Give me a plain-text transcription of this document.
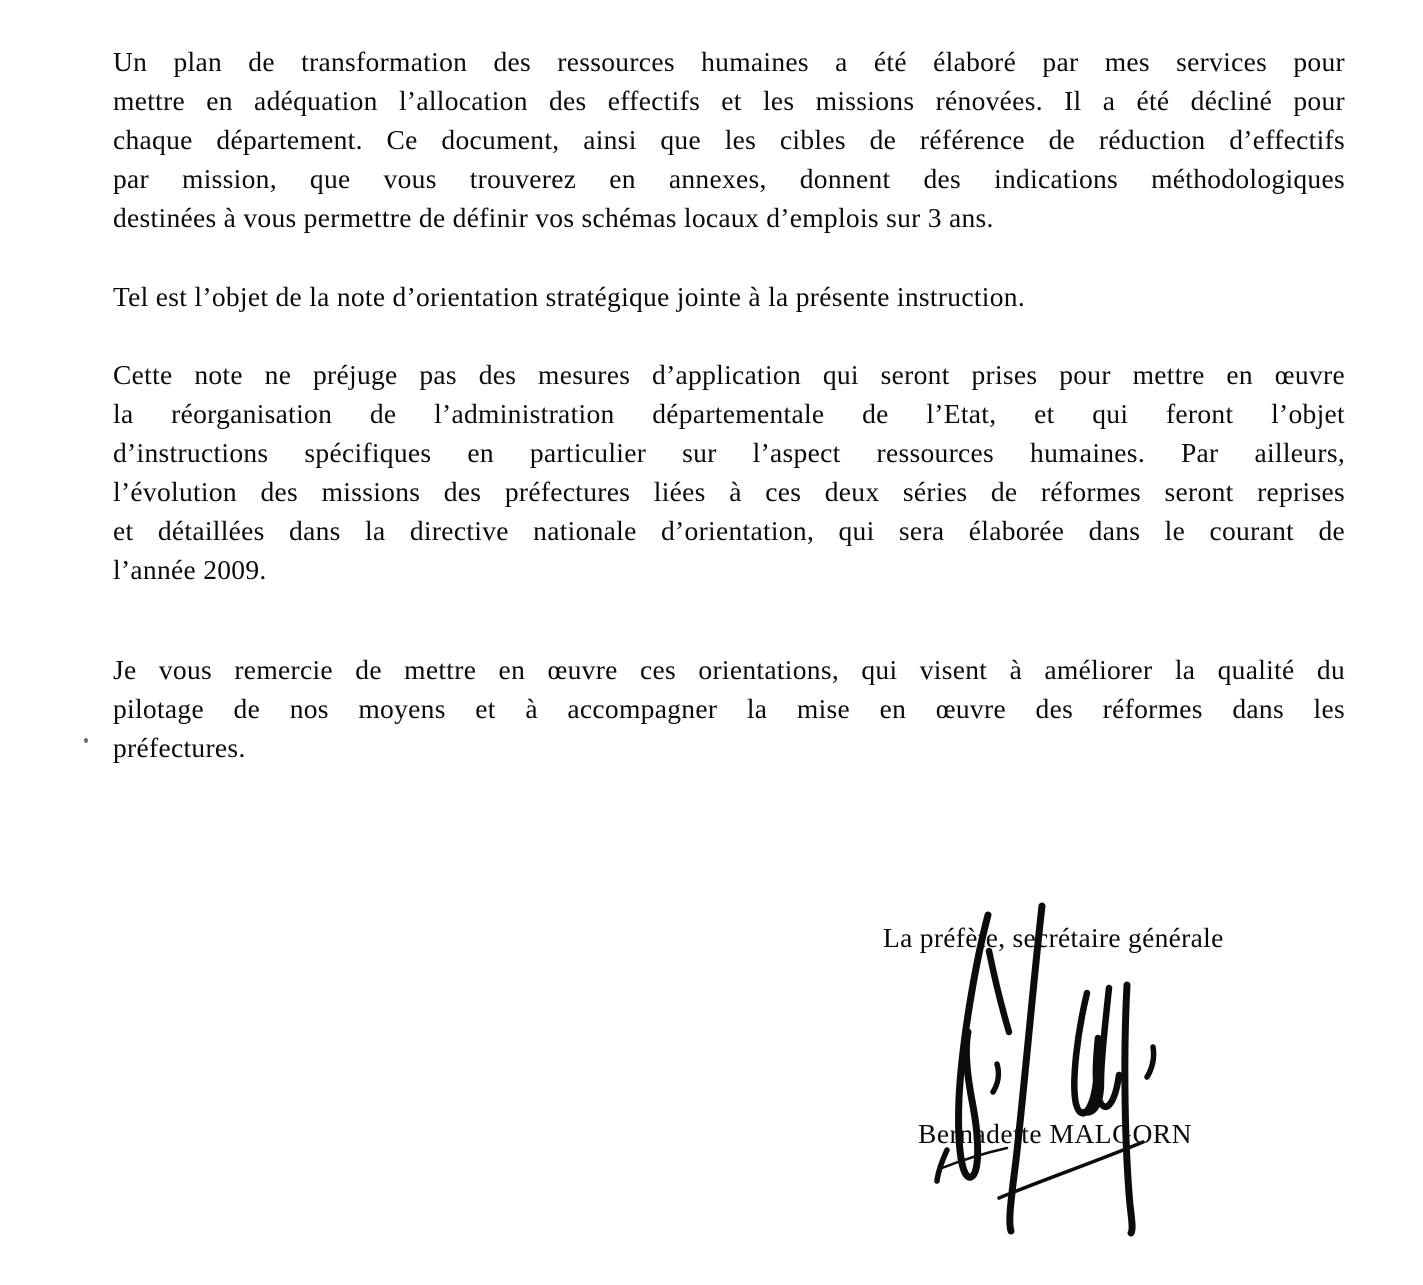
Un plan de transformation des ressources humaines a été élaboré par mes services pour
mettre en adéquation l’allocation des effectifs et les missions rénovées. Il a été décliné pour
chaque département. Ce document, ainsi que les cibles de référence de réduction d’effectifs
par mission, que vous trouverez en annexes, donnent des indications méthodologiques
destinées à vous permettre de définir vos schémas locaux d’emplois sur 3 ans.
Tel est l’objet de la note d’orientation stratégique jointe à la présente instruction.
Cette note ne préjuge pas des mesures d’application qui seront prises pour mettre en œuvre
la réorganisation de l’administration départementale de l’Etat, et qui feront l’objet
d’instructions spécifiques en particulier sur l’aspect ressources humaines. Par ailleurs,
l’évolution des missions des préfectures liées à ces deux séries de réformes seront reprises
et détaillées dans la directive nationale d’orientation, qui sera élaborée dans le courant de
l’année 2009.
Je vous remercie de mettre en œuvre ces orientations, qui visent à améliorer la qualité du
pilotage de nos moyens et à accompagner la mise en œuvre des réformes dans les
préfectures.
La préfète, secrétaire générale
Bernadette MALGORN
